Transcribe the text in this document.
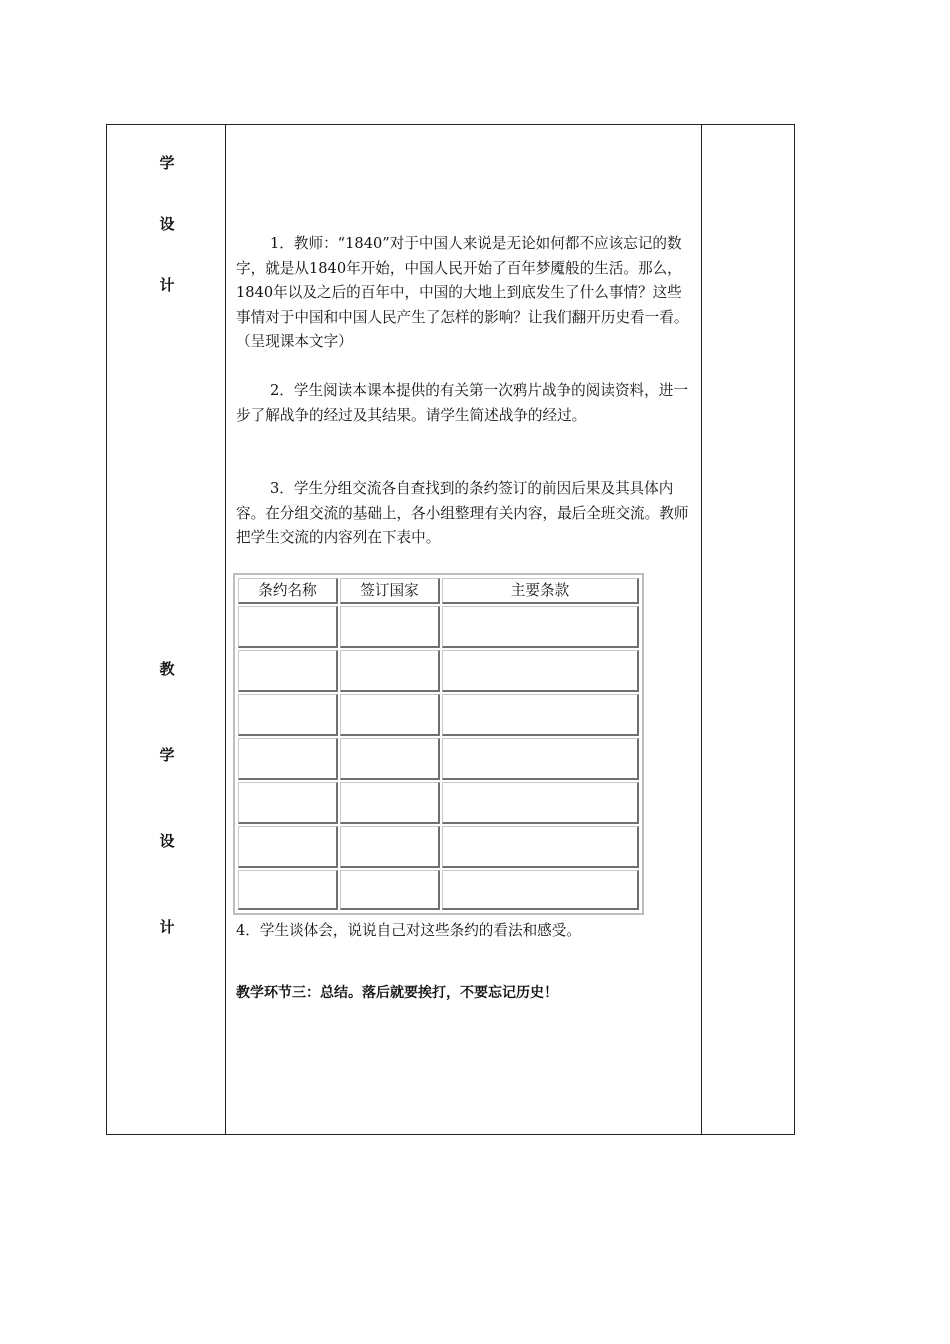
学
设
计
教
学
设
计

1．教师：“1840”对于中国人来说是无论如何都不应该忘记的数字，就是从1840年开始，中国人民开始了百年梦魇般的生活。那么，1840年以及之后的百年中，中国的大地上到底发生了什么事情？这些事情对于中国和中国人民产生了怎样的影响？让我们翻开历史看一看。（呈现课本文字）

2．学生阅读本课本提供的有关第一次鸦片战争的阅读资料，进一步了解战争的经过及其结果。请学生简述战争的经过。

3．学生分组交流各自查找到的条约签订的前因后果及其具体内容。在分组交流的基础上，各小组整理有关内容，最后全班交流。教师把学生交流的内容列在下表中。

条约名称	签订国家	主要条款

4．学生谈体会，说说自己对这些条约的看法和感受。

教学环节三：总结。落后就要挨打，不要忘记历史！
